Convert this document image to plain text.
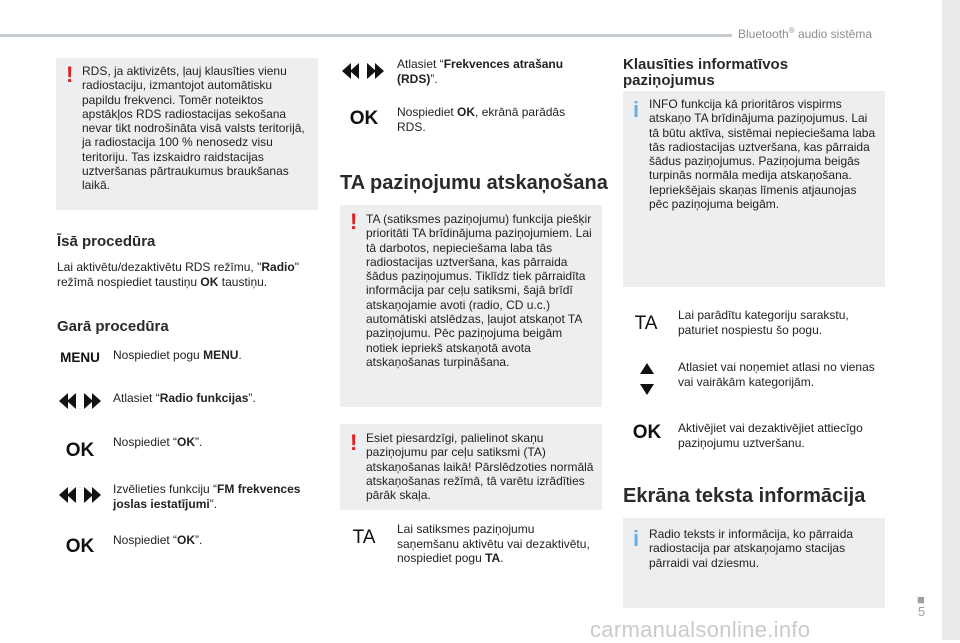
Bluetooth® audio sistēma
■
5
! RDS, ja aktivizēts, ļauj klausīties vienu radiostaciju, izmantojot automātisku papildu frekvenci. Tomēr noteiktos apstākļos RDS radiostacijas sekošana nevar tikt nodrošināta visā valsts teritorijā, ja radiostacija 100 % nenosedz visu teritoriju. Tas izskaidro raidstacijas uztveršanas pārtraukumus braukšanas laikā.
Īsā procedūra

Lai aktivētu/dezaktivētu RDS režīmu, "Radio" režīmā nospiediet taustiņu OK taustiņu.

Garā procedūra
MENU Nospiediet pogu MENU.
Atlasiet “Radio funkcijas”.
OK	Nospiediet “OK”.
Izvēlieties funkciju “FM frekvences joslas iestatījumi”.
OK	Nospiediet “OK”.
Atlasiet “Frekvences atrašanu (RDS)”.
OK	Nospiediet OK, ekrānā parādās RDS.
TA paziņojumu atskaņošana
! TA (satiksmes paziņojumu) funkcija piešķir prioritāti TA brīdinājuma paziņojumiem. Lai tā darbotos, nepieciešama laba tās radiostacijas uztveršana, kas pārraida šādus paziņojumus. Tiklīdz tiek pārraidīta informācija par ceļu satiksmi, šajā brīdī atskaņojamie avoti (radio, CD u.c.) automātiski atslēdzas, ļaujot atskaņot TA paziņojumu. Pēc paziņojuma beigām notiek iepriekš atskaņotā avota atskaņošanas turpināšana.
! Esiet piesardzīgi, palielinot skaņu paziņojumu par ceļu satiksmi (TA) atskaņošanas laikā! Pārslēdzoties normālā atskaņošanas režīmā, tā varētu izrādīties pārāk skaļa.
TA	Lai satiksmes paziņojumu saņemšanu aktivētu vai dezaktivētu, nospiediet pogu TA.
Klausīties informatīvos
paziņojumus
i INFO funkcija kā prioritāros vispirms atskaņo TA brīdinājuma paziņojumus. Lai tā būtu aktīva, sistēmai nepieciešama laba tās radiostacijas uztveršana, kas pārraida šādus paziņojumus. Paziņojuma beigās turpinās normāla medija atskaņošana. Iepriekšējais skaņas līmenis atjaunojas pēc paziņojuma beigām.
TA	Lai parādītu kategoriju sarakstu, paturiet nospiestu šo pogu.
Atlasiet vai noņemiet atlasi no vienas vai vairākām kategorijām.
OK	Aktivējiet vai dezaktivējiet attiecīgo paziņojumu uztveršanu.
Ekrāna teksta informācija
i Radio teksts ir informācija, ko pārraida radiostacija par atskaņojamo stacijas pārraidi vai dziesmu.
carmanualsonline.info
